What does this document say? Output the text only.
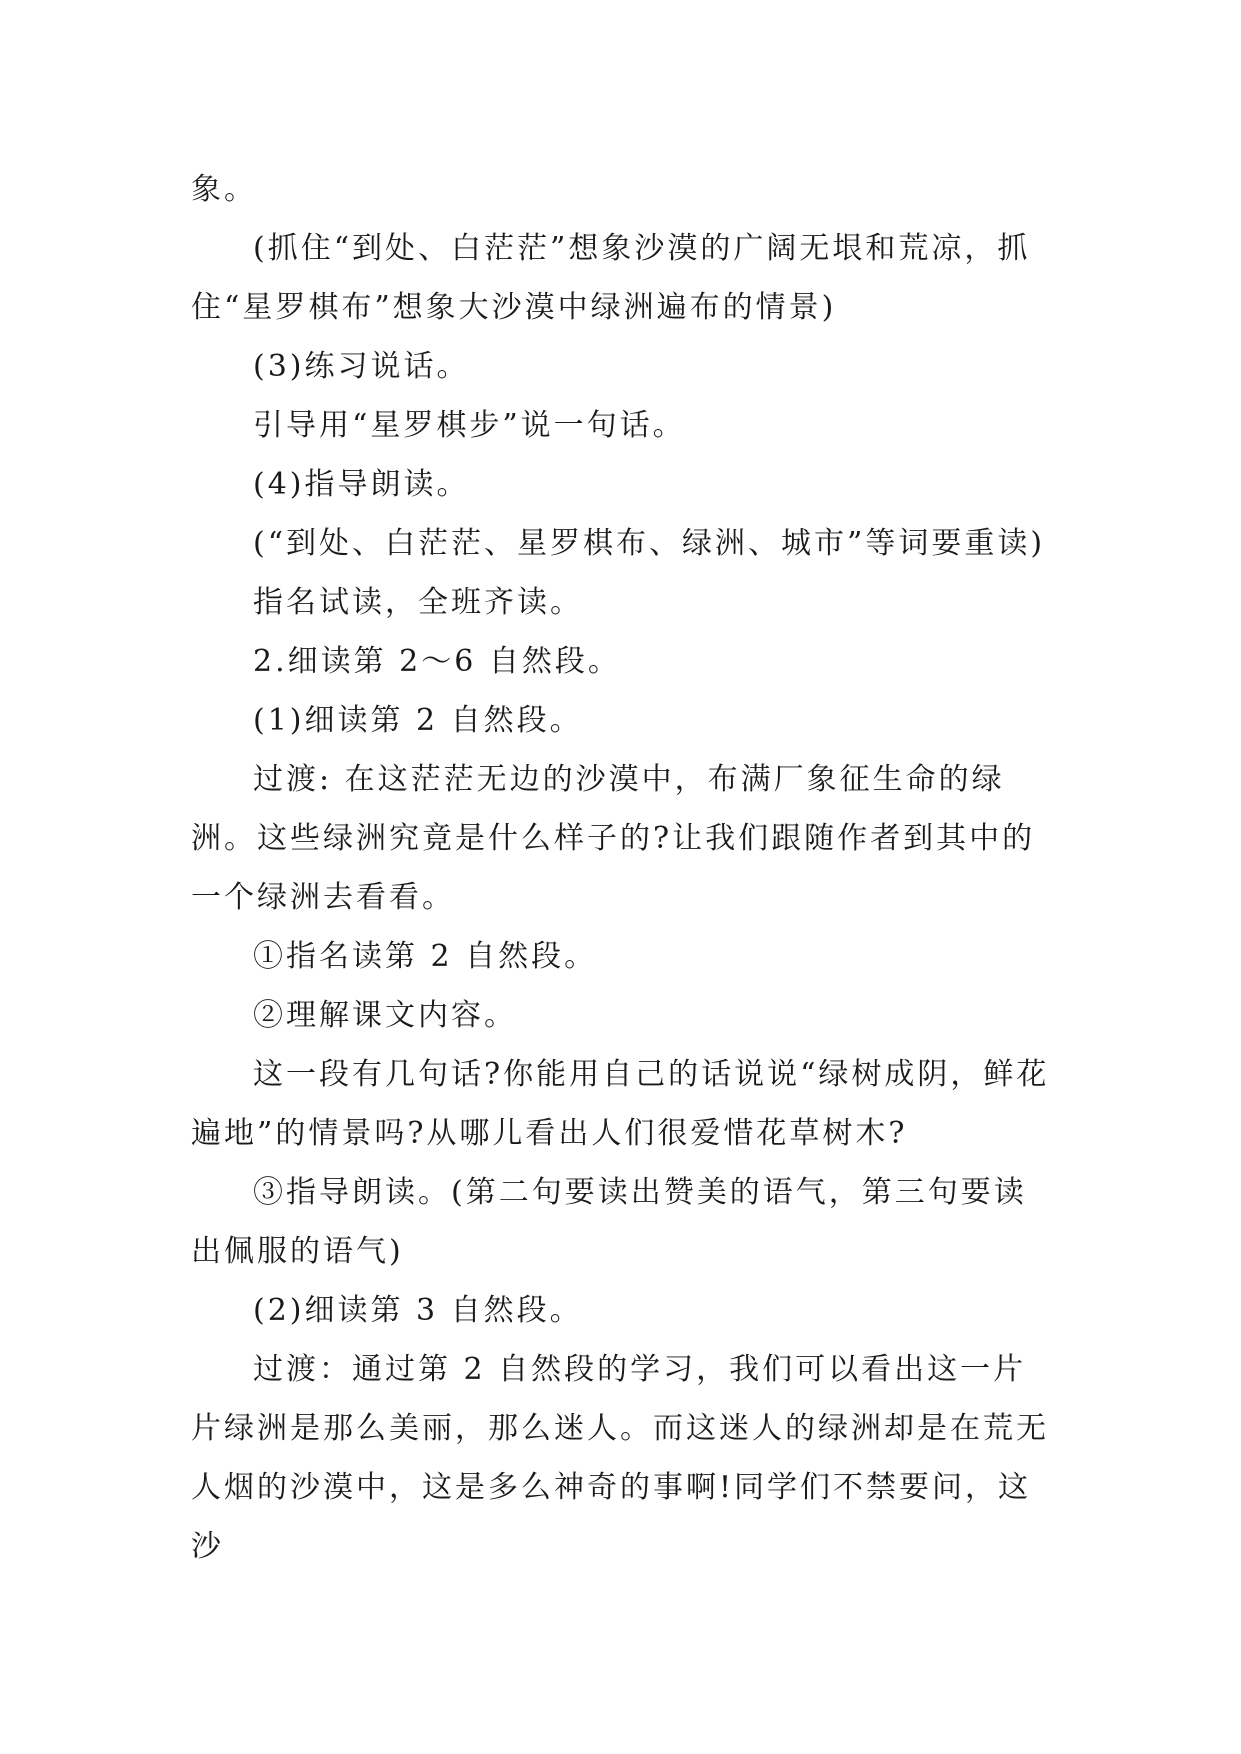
象。

(抓住“到处、白茫茫”想象沙漠的广阔无垠和荒凉，抓住“星罗棋布”想象大沙漠中绿洲遍布的情景)

(3)练习说话。

引导用“星罗棋步”说一句话。

(4)指导朗读。

(“到处、白茫茫、星罗棋布、绿洲、城市”等词要重读)

指名试读，全班齐读。

2.细读第 2～6 自然段。

(1)细读第 2 自然段。

过渡: 在这茫茫无边的沙漠中，布满厂象征生命的绿洲。这些绿洲究竟是什么样子的?让我们跟随作者到其中的一个绿洲去看看。

①指名读第 2 自然段。

②理解课文内容。

这一段有几句话?你能用自己的话说说“绿树成阴，鲜花遍地”的情景吗?从哪儿看出人们很爱惜花草树木?

③指导朗读。(第二句要读出赞美的语气，第三句要读出佩服的语气)

(2)细读第 3 自然段。

过渡：通过第 2 自然段的学习，我们可以看出这一片片绿洲是那么美丽，那么迷人。而这迷人的绿洲却是在荒无人烟的沙漠中，这是多么神奇的事啊!同学们不禁要问，这沙
